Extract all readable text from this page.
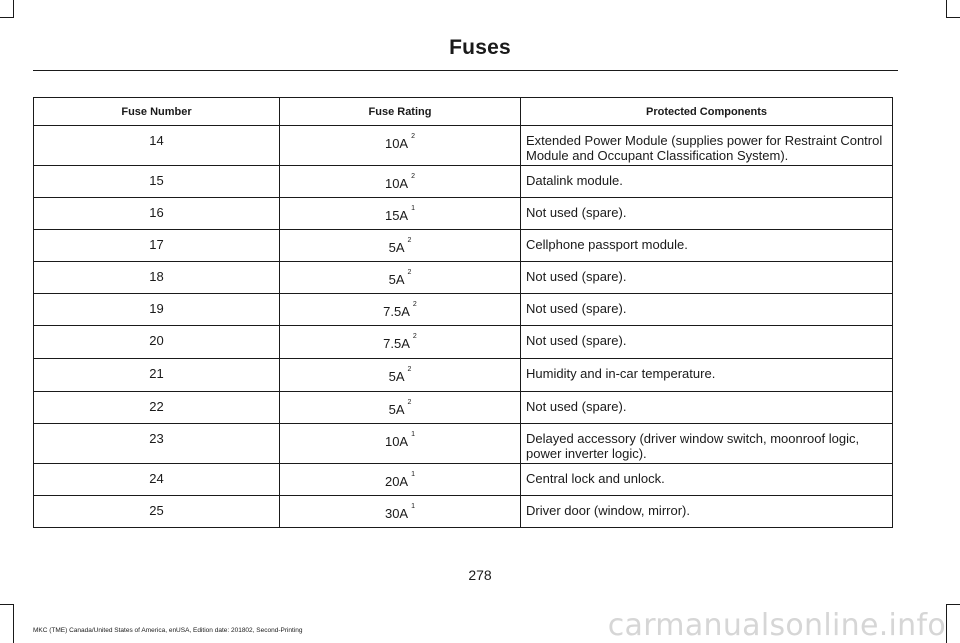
Fuses
Fuse Number	Fuse Rating	Protected Components
14	10A $^2$	Extended Power Module (supplies power for Restraint Control Module and Occupant Classification System).
15	10A $^2$	Datalink module.
16	15A $^1$	Not used (spare).
17	5A $^2$	Cellphone passport module.
18	5A $^2$	Not used (spare).
19	7.5A $^2$	Not used (spare).
20	7.5A $^2$	Not used (spare).
21	5A $^2$	Humidity and in-car temperature.
22	5A $^2$	Not used (spare).
23	10A $^1$	Delayed accessory (driver window switch, moonroof logic, power inverter logic).
24	20A $^1$	Central lock and unlock.
25	30A $^1$	Driver door (window, mirror).
278
MKC (TME) Canada/United States of America, enUSA, Edition date: 201802, Second-Printing	carmanualsonline.info
